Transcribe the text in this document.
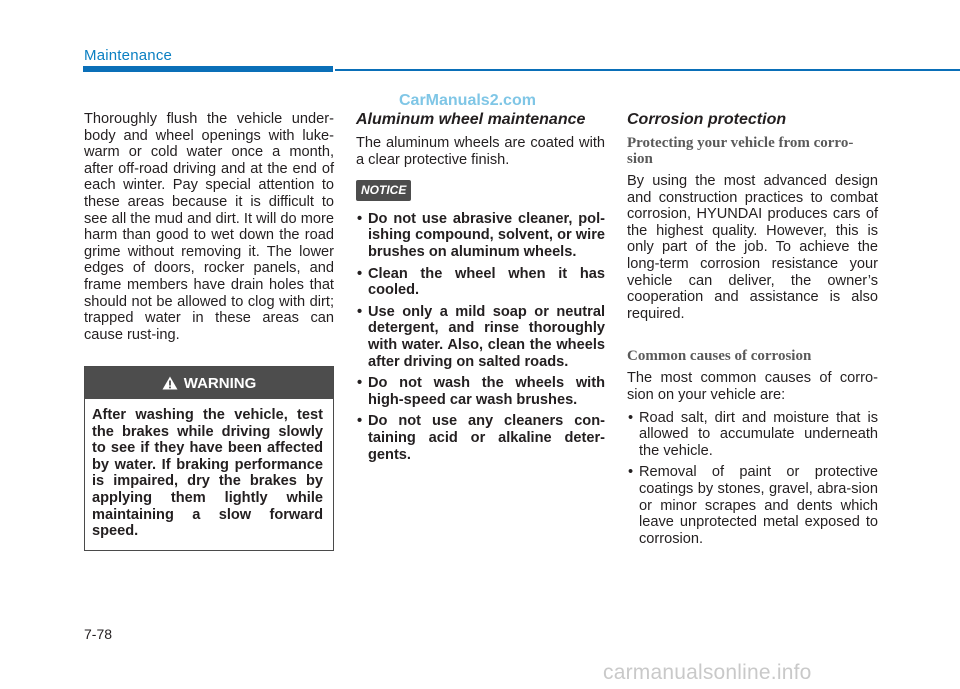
Maintenance
CarManuals2.com

Thoroughly flush the vehicle under-body and wheel openings with luke-warm or cold water once a month, after off-road driving and at the end of each winter. Pay special attention to these areas because it is difficult to see all the mud and dirt. It will do more harm than good to wet down the road grime without removing it. The lower edges of doors, rocker panels, and frame members have drain holes that should not be allowed to clog with dirt; trapped water in these areas can cause rust-ing.

WARNING
After washing the vehicle, test the brakes while driving slowly to see if they have been affected by water. If braking performance is impaired, dry the brakes by applying them lightly while maintaining a slow forward speed.
Aluminum wheel maintenance

The aluminum wheels are coated with a clear protective finish.

NOTICE
• Do not use abrasive cleaner, pol-ishing compound, solvent, or wire brushes on aluminum wheels.
• Clean the wheel when it has cooled.
• Use only a mild soap or neutral detergent, and rinse thoroughly with water. Also, clean the wheels after driving on salted roads.
• Do not wash the wheels with high-speed car wash brushes.
• Do not use any cleaners con-taining acid or alkaline deter-gents.
Corrosion protection
Protecting your vehicle from corro-sion

By using the most advanced design and construction practices to combat corrosion, HYUNDAI produces cars of the highest quality. However, this is only part of the job. To achieve the long-term corrosion resistance your vehicle can deliver, the owner’s cooperation and assistance is also required.

Common causes of corrosion

The most common causes of corro-sion on your vehicle are:

• Road salt, dirt and moisture that is allowed to accumulate underneath the vehicle.
• Removal of paint or protective coatings by stones, gravel, abra-sion or minor scrapes and dents which leave unprotected metal exposed to corrosion.
7-78
carmanualsonline.info
